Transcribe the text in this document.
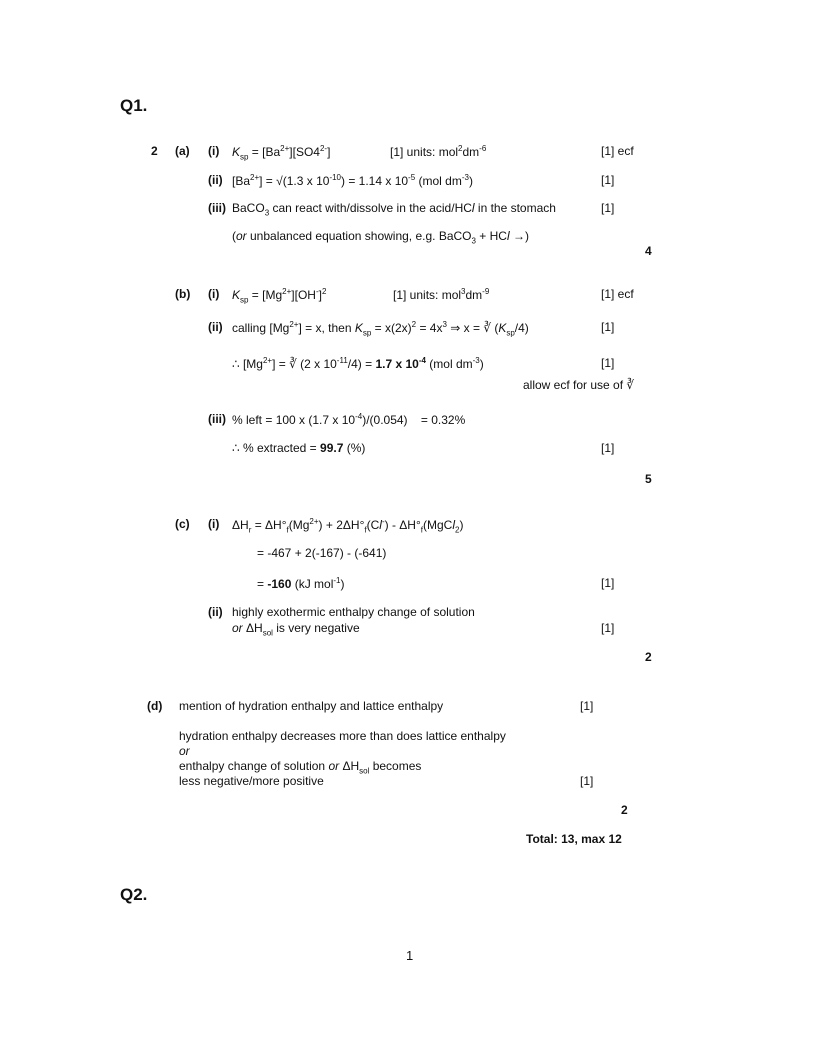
Q1.
2 (a) (i) $K_{sp} = [Ba^{2+}][SO4^{2-}]$	[1] units: $mol^2dm^{-6}$	[1] ecf
(ii) $[Ba^{2+}] = √(1.3$ x $10^{-10}) = 1.14$ x $10^{-5}$ (mol $dm^{-3}$)	[1]
(iii) BaCO$_3$ can react with/dissolve in the acid/HCl in the stomach	[1]
(or unbalanced equation showing, e.g. BaCO$_3$ + HCl →)
4
(b) (i) $K_{sp} = [Mg^{2+}][OH^-]^2$	[1] units: $mol^3dm^{-9}$	[1] ecf
(ii) calling $[Mg^{2+}] = x$, then $K_{sp} = x(2x)^2 = 4x^3$ ⇒ x = ∛ $(K_{sp}/4)$	[1]
∴ $[Mg^{2+}]$ = ∛ (2 x $10^{-11}/4) = 1.7$ x $10^{-4}$ (mol $dm^{-3}$)	[1]
allow ecf for use of ∛
(iii) % left = 100 x (1.7 x $10^{-4})/(0.054)$    = 0.32%
∴ % extracted = 99.7 (%)	[1]
5
(c) (i) $\Delta H_r = \Delta H^\circ_f(Mg^{2+}) + 2\Delta H^\circ_f(Cl^-)$ - $\Delta H^\circ_f(MgCl_2)$
= -467 + 2(-167) - (-641)
= -160 (kJ mol$^{-1}$)	[1]
(ii) highly exothermic enthalpy change of solution
or $\Delta H_{sol}$ is very negative	[1]
2
(d) mention of hydration enthalpy and lattice enthalpy	[1]
hydration enthalpy decreases more than does lattice enthalpy
or
enthalpy change of solution or $\Delta H_{sol}$ becomes
less negative/more positive	[1]
2
Total: 13, max 12
Q2.
1
